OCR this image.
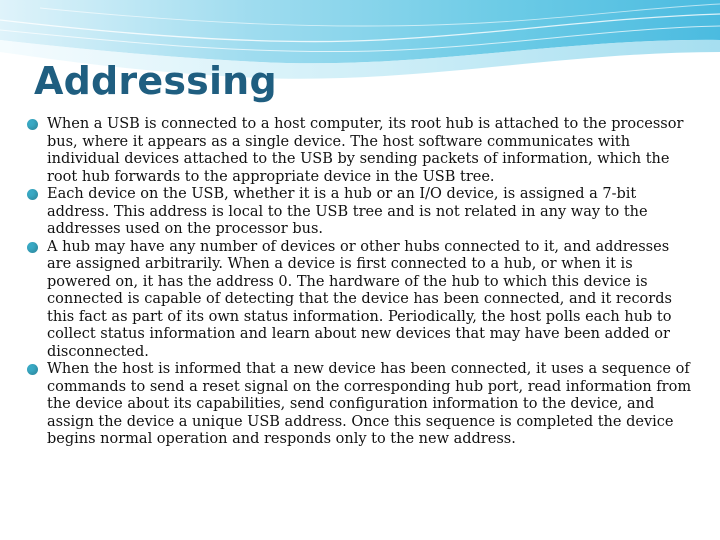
Addressing
When a USB is connected to a host computer, its root hub is attached to the processor bus, where it appears as a single device. The host software communicates with individual devices attached to the USB by sending packets of information, which the root hub forwards to the appropriate device in the USB tree.
Each device on the USB, whether it is a hub or an I/O device, is assigned a 7-bit address. This address is local to the USB tree and is not related in any way to the addresses used on the processor bus.
A hub may have any number of devices or other hubs connected to it, and addresses are assigned arbitrarily. When a device is first connected to a hub, or when it is powered on, it has the address 0. The hardware of the hub to which this device is connected is capable of detecting that the device has been connected, and it records this fact as part of its own status information. Periodically, the host polls each hub to collect status information and learn about new devices that may have been added or disconnected.
When the host is informed that a new device has been connected, it uses a sequence of commands to send a reset signal on the corresponding hub port, read information from the device about its capabilities, send configuration information to the device, and assign the device a unique USB address. Once this sequence is completed the device begins normal operation and responds only to the new address.
